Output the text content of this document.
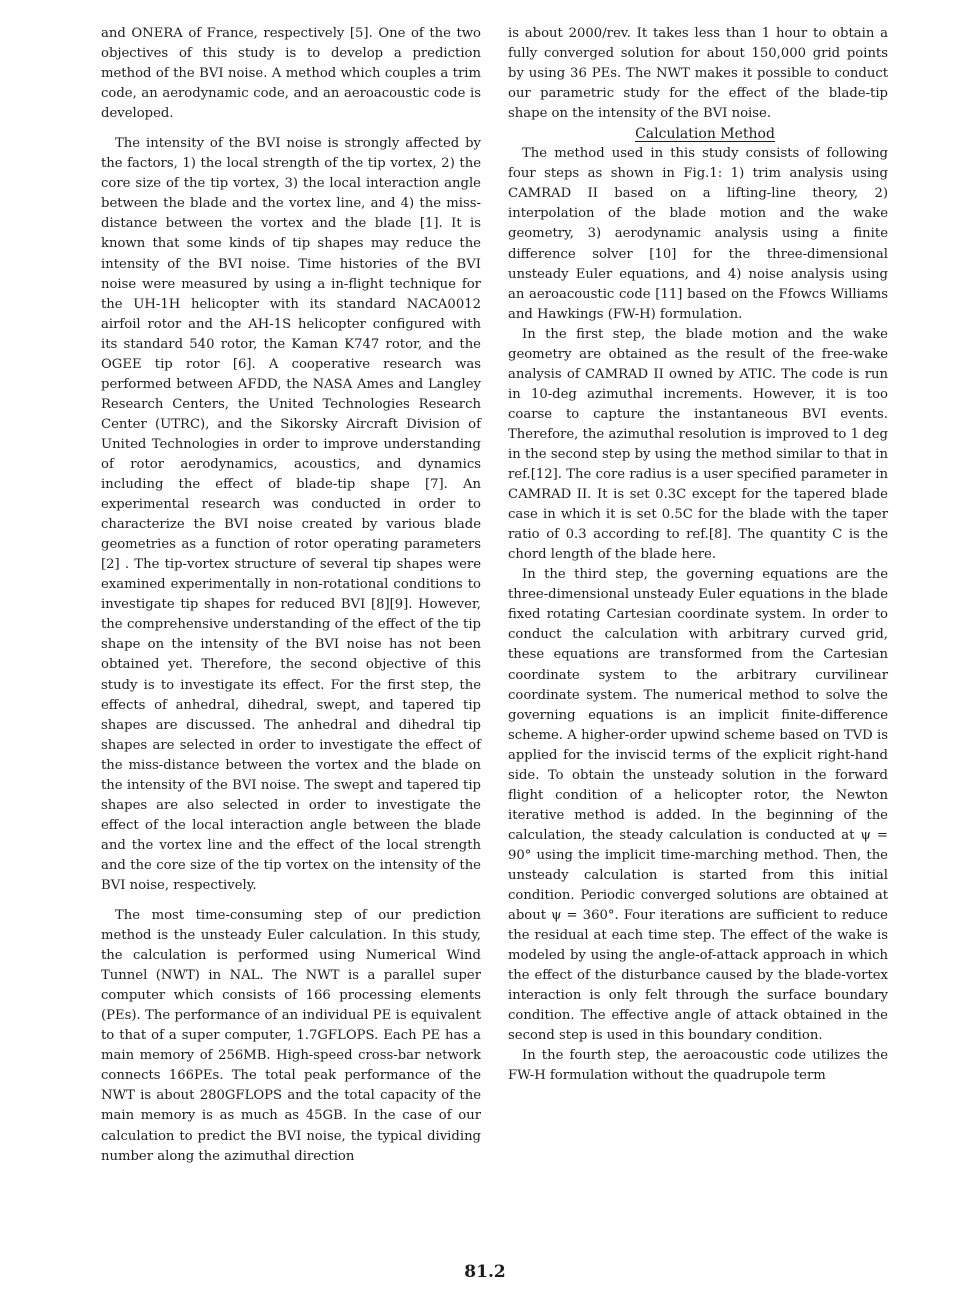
and ONERA of France, respectively [5]. One of the two objectives of this study is to develop a prediction method of the BVI noise. A method which couples a trim code, an aerodynamic code, and an aeroacoustic code is developed.

The intensity of the BVI noise is strongly affected by the factors, 1) the local strength of the tip vortex, 2) the core size of the tip vortex, 3) the local interaction angle between the blade and the vortex line, and 4) the miss-distance between the vortex and the blade [1]. It is known that some kinds of tip shapes may reduce the intensity of the BVI noise. Time histories of the BVI noise were measured by using a in-flight technique for the UH-1H helicopter with its standard NACA0012 airfoil rotor and the AH-1S helicopter configured with its standard 540 rotor, the Kaman K747 rotor, and the OGEE tip rotor [6]. A cooperative research was performed between AFDD, the NASA Ames and Langley Research Centers, the United Technologies Research Center (UTRC), and the Sikorsky Aircraft Division of United Technologies in order to improve understanding of rotor aerodynamics, acoustics, and dynamics including the effect of blade-tip shape [7]. An experimental research was conducted in order to characterize the BVI noise created by various blade geometries as a function of rotor operating parameters [2] . The tip-vortex structure of several tip shapes were examined experimentally in non-rotational conditions to investigate tip shapes for reduced BVI [8][9]. However, the comprehensive understanding of the effect of the tip shape on the intensity of the BVI noise has not been obtained yet. Therefore, the second objective of this study is to investigate its effect. For the first step, the effects of anhedral, dihedral, swept, and tapered tip shapes are discussed. The anhedral and dihedral tip shapes are selected in order to investigate the effect of the miss-distance between the vortex and the blade on the intensity of the BVI noise. The swept and tapered tip shapes are also selected in order to investigate the effect of the local interaction angle between the blade and the vortex line and the effect of the local strength and the core size of the tip vortex on the intensity of the BVI noise, respectively.

The most time-consuming step of our prediction method is the unsteady Euler calculation. In this study, the calculation is performed using Numerical Wind Tunnel (NWT) in NAL. The NWT is a parallel super computer which consists of 166 processing elements (PEs). The performance of an individual PE is equivalent to that of a super computer, 1.7GFLOPS. Each PE has a main memory of 256MB. High-speed cross-bar network connects 166PEs. The total peak performance of the NWT is about 280GFLOPS and the total capacity of the main memory is as much as 45GB. In the case of our calculation to predict the BVI noise, the typical dividing number along the azimuthal direction

is about 2000/rev. It takes less than 1 hour to obtain a fully converged solution for about 150,000 grid points by using 36 PEs. The NWT makes it possible to conduct our parametric study for the effect of the blade-tip shape on the intensity of the BVI noise.

Calculation Method

The method used in this study consists of following four steps as shown in Fig.1: 1) trim analysis using CAMRAD II based on a lifting-line theory, 2) interpolation of the blade motion and the wake geometry, 3) aerodynamic analysis using a finite difference solver [10] for the three-dimensional unsteady Euler equations, and 4) noise analysis using an aeroacoustic code [11] based on the Ffowcs Williams and Hawkings (FW-H) formulation.

In the first step, the blade motion and the wake geometry are obtained as the result of the free-wake analysis of CAMRAD II owned by ATIC. The code is run in 10-deg azimuthal increments. However, it is too coarse to capture the instantaneous BVI events. Therefore, the azimuthal resolution is improved to 1 deg in the second step by using the method similar to that in ref.[12]. The core radius is a user specified parameter in CAMRAD II. It is set 0.3C except for the tapered blade case in which it is set 0.5C for the blade with the taper ratio of 0.3 according to ref.[8]. The quantity C is the chord length of the blade here.

In the third step, the governing equations are the three-dimensional unsteady Euler equations in the blade fixed rotating Cartesian coordinate system. In order to conduct the calculation with arbitrary curved grid, these equations are transformed from the Cartesian coordinate system to the arbitrary curvilinear coordinate system. The numerical method to solve the governing equations is an implicit finite-difference scheme. A higher-order upwind scheme based on TVD is applied for the inviscid terms of the explicit right-hand side. To obtain the unsteady solution in the forward flight condition of a helicopter rotor, the Newton iterative method is added. In the beginning of the calculation, the steady calculation is conducted at ψ = 90° using the implicit time-marching method. Then, the unsteady calculation is started from this initial condition. Periodic converged solutions are obtained at about ψ = 360°. Four iterations are sufficient to reduce the residual at each time step. The effect of the wake is modeled by using the angle-of-attack approach in which the effect of the disturbance caused by the blade-vortex interaction is only felt through the surface boundary condition. The effective angle of attack obtained in the second step is used in this boundary condition.

In the fourth step, the aeroacoustic code utilizes the FW-H formulation without the quadrupole term

81.2
